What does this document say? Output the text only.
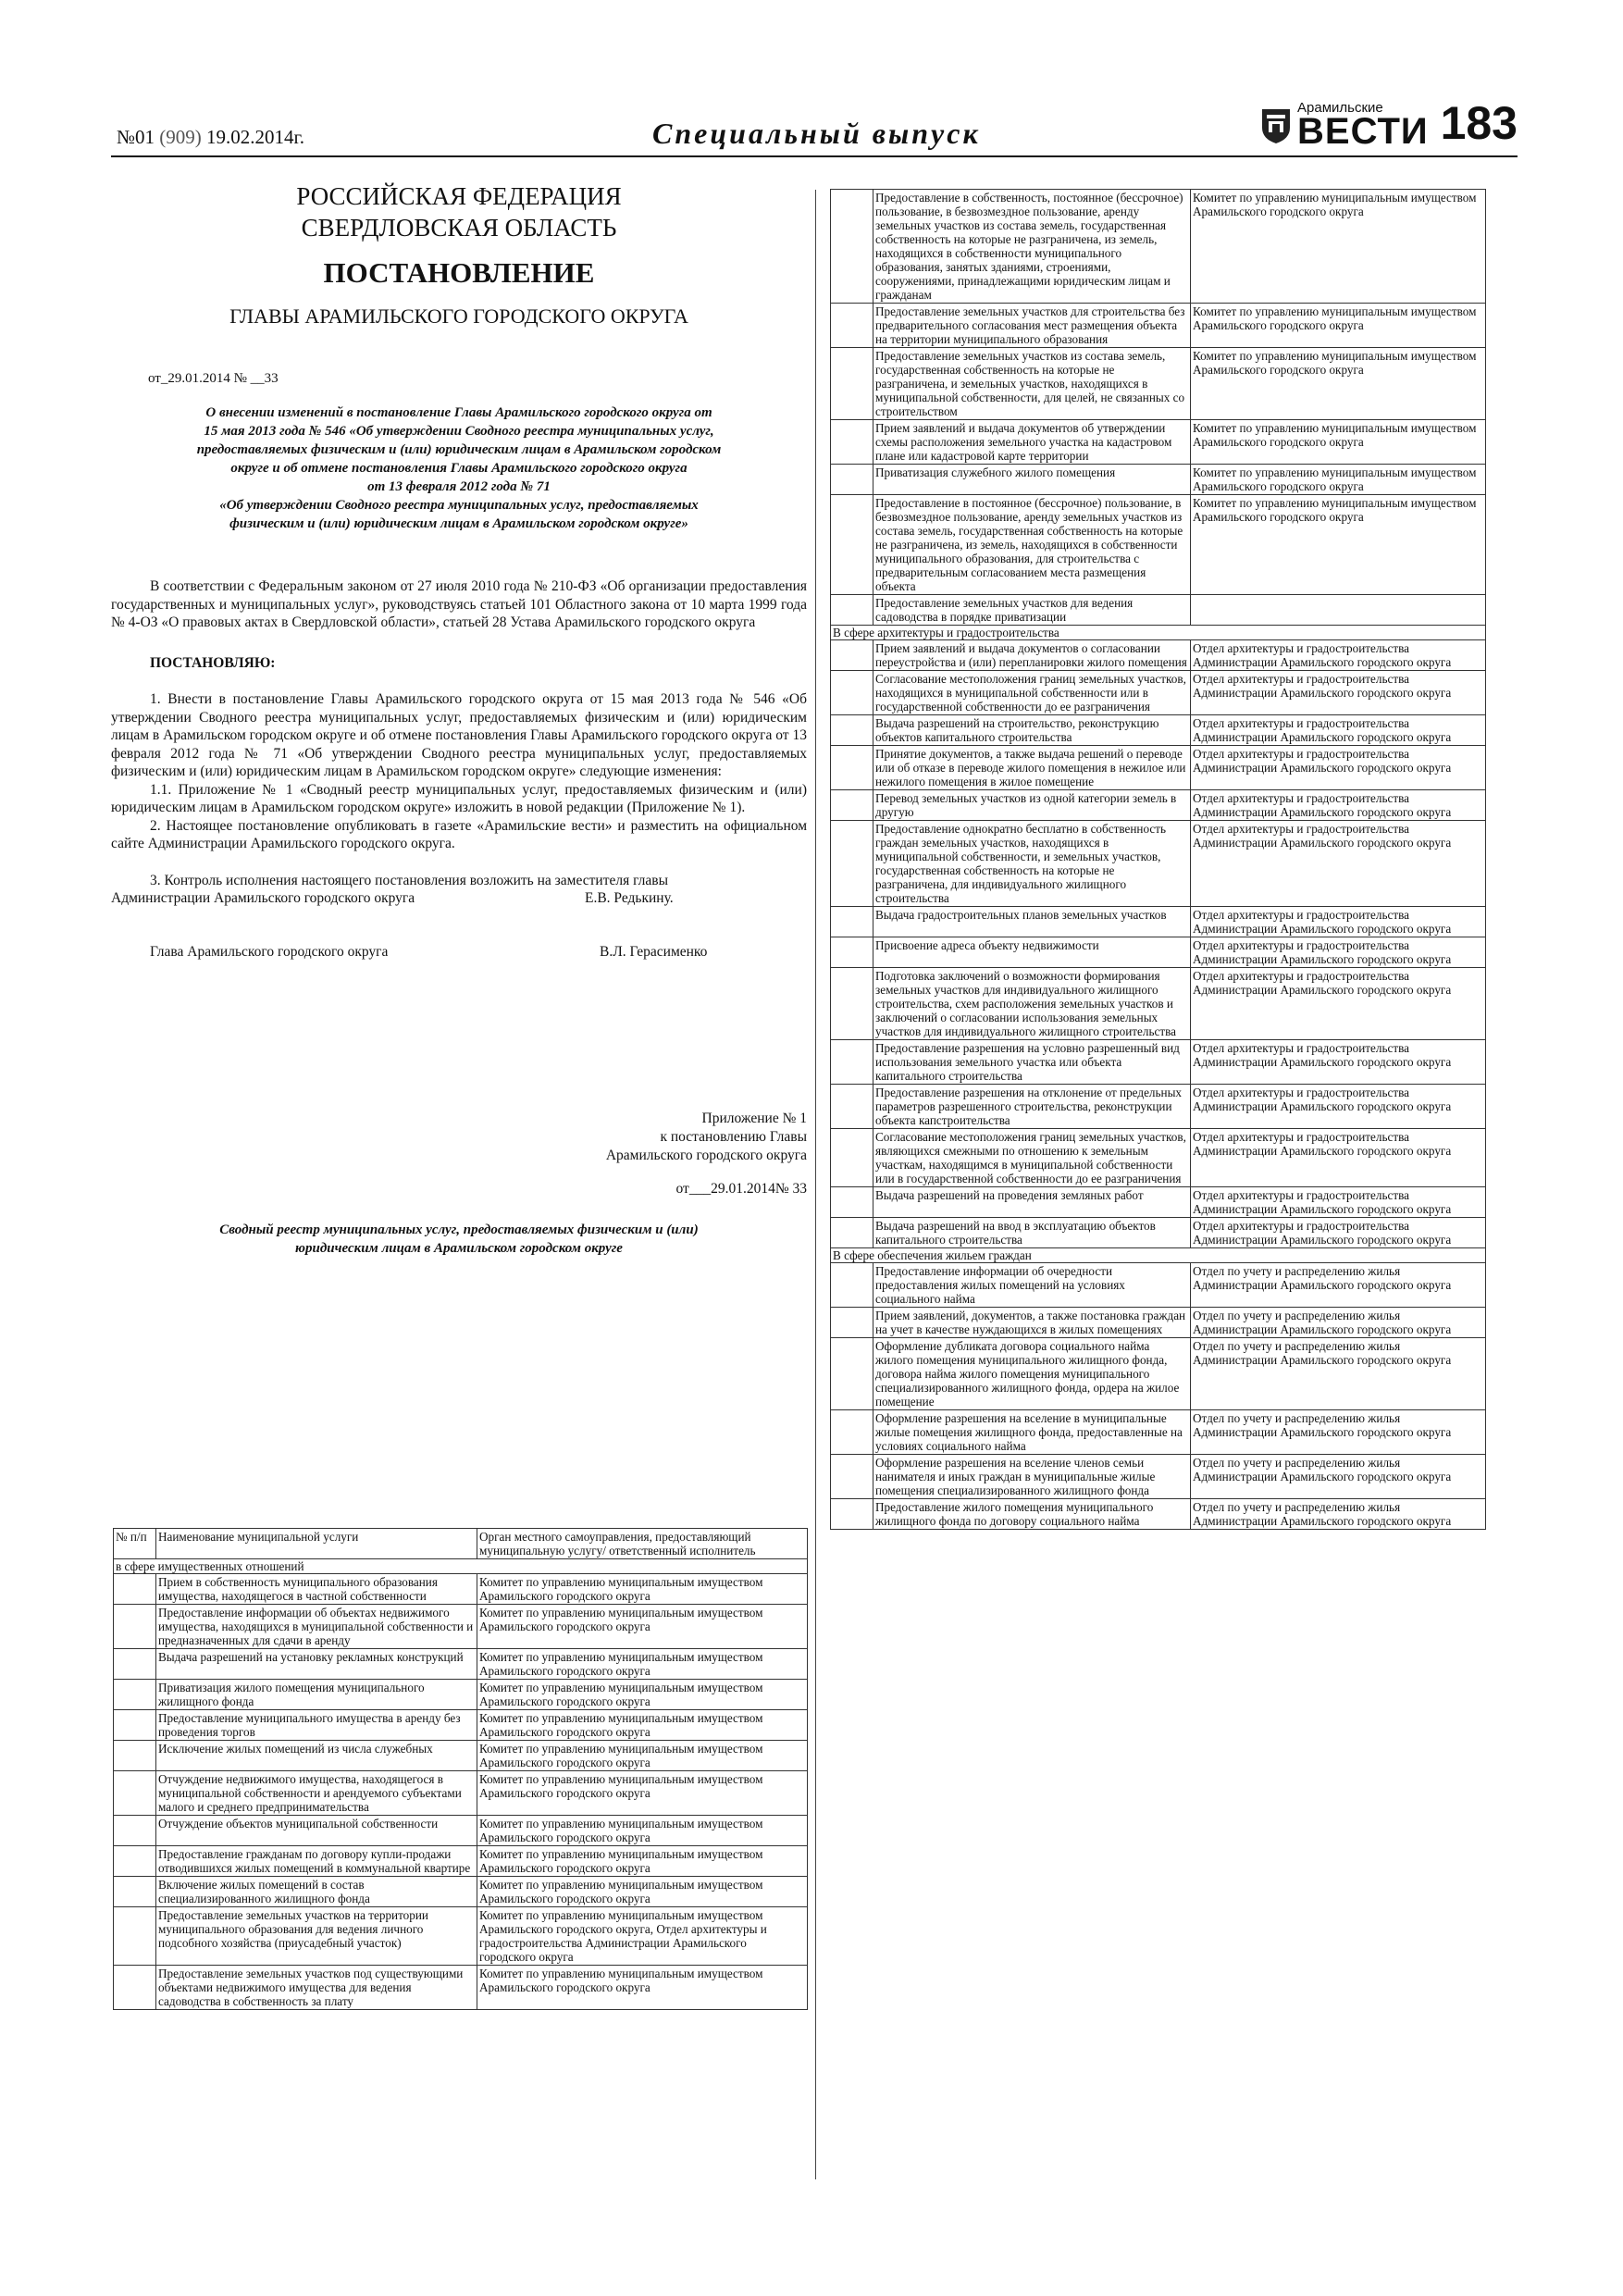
№01 (909) 19.02.2014г.	Специальный выпуск
Арамильские
ВЕСТИ 183
РОССИЙСКАЯ ФЕДЕРАЦИЯ
СВЕРДЛОВСКАЯ ОБЛАСТЬ
ПОСТАНОВЛЕНИЕ
ГЛАВЫ АРАМИЛЬСКОГО ГОРОДСКОГО ОКРУГА
от_29.01.2014 № __33
О внесении изменений в постановление Главы Арамильского городского округа от
15 мая 2013 года № 546 «Об утверждении Сводного реестра муниципальных услуг,
предоставляемых физическим и (или) юридическим лицам в Арамильском городском
округе и об отмене постановления Главы Арамильского городского округа
от 13 февраля 2012 года № 71
«Об утверждении Сводного реестра муниципальных услуг, предоставляемых
физическим и (или) юридическим лицам в Арамильском городском округе»
В соответствии с Федеральным законом от 27 июля 2010 года № 210-ФЗ «Об организации предоставления государственных и муниципальных услуг», руководствуясь статьей 101 Областного закона от 10 марта 1999 года № 4-ОЗ «О правовых актах в Свердловской области», статьей 28 Устава Арамильского городского округа
ПОСТАНОВЛЯЮ:
1. Внести в постановление Главы Арамильского городского округа от 15 мая 2013 года № 546 «Об утверждении Сводного реестра муниципальных услуг, предоставляемых физическим и (или) юридическим лицам в Арамильском городском округе и об отмене постановления Главы Арамильского городского округа от 13 февраля 2012 года № 71 «Об утверждении Сводного реестра муниципальных услуг, предоставляемых физическим и (или) юридическим лицам в Арамильском городском округе» следующие изменения:
1.1. Приложение № 1 «Сводный реестр муниципальных услуг, предоставляемых физическим и (или) юридическим лицам в Арамильском городском округе» изложить в новой редакции (Приложение № 1).
2. Настоящее постановление опубликовать в газете «Арамильские вести» и разместить на официальном сайте Администрации Арамильского городского округа.
3. Контроль исполнения настоящего постановления возложить на заместителя главы
Администрации Арамильского городского округа	Е.В. Редькину.
Глава Арамильского городского округа	В.Л. Герасименко
Приложение № 1
к постановлению Главы
Арамильского городского округа
от___29.01.2014№ 33
Сводный реестр муниципальных услуг, предоставляемых физическим и (или)
юридическим лицам в Арамильском городском округе
№ п/п	Наименование муниципальной услуги	Орган местного самоуправления, предоставляющий муниципальную услугу/ ответственный исполнитель
в сфере имущественных отношений		
	Прием в собственность муниципального образования имущества, находящегося в частной собственности	Комитет по управлению муниципальным имуществом Арамильского городского округа
	Предоставление информации об объектах недвижимого имущества, находящихся в муниципальной собственности и предназначенных для сдачи в аренду	Комитет по управлению муниципальным имуществом Арамильского городского округа
	Выдача разрешений на установку рекламных конструкций	Комитет по управлению муниципальным имуществом Арамильского городского округа
	Приватизация жилого помещения муниципального жилищного фонда	Комитет по управлению муниципальным имуществом Арамильского городского округа
	Предоставление муниципального имущества в аренду без проведения торгов	Комитет по управлению муниципальным имуществом Арамильского городского округа
	Исключение жилых помещений из числа служебных	Комитет по управлению муниципальным имуществом Арамильского городского округа
	Отчуждение недвижимого имущества, находящегося в муниципальной собственности и арендуемого субъектами малого и среднего предпринимательства	Комитет по управлению муниципальным имуществом Арамильского городского округа
	Отчуждение объектов муниципальной собственности	Комитет по управлению муниципальным имуществом Арамильского городского округа
	Предоставление гражданам по договору купли-продажи отводившихся жилых помещений в коммунальной квартире	Комитет по управлению муниципальным имуществом Арамильского городского округа
	Включение жилых помещений в состав специализированного жилищного фонда	Комитет по управлению муниципальным имуществом Арамильского городского округа
	Предоставление земельных участков на территории муниципального образования для ведения личного подсобного хозяйства (приусадебный участок)	Комитет по управлению муниципальным имуществом Арамильского городского округа, Отдел архитектуры и градостроительства Администрации Арамильского городского округа
	Предоставление земельных участков под существующими объектами недвижимого имущества для ведения садоводства в собственность за плату	Комитет по управлению муниципальным имуществом Арамильского городского округа
	Предоставление в собственность, постоянное (бессрочное) пользование, в безвозмездное пользование, аренду земельных участков из состава земель, государственная собственность на которые не разграничена, из земель, находящихся в собственности муниципального образования, занятых зданиями, строениями, сооружениями, принадлежащими юридическим лицам и гражданам	Комитет по управлению муниципальным имуществом Арамильского городского округа
	Предоставление земельных участков для строительства без предварительного согласования мест размещения объекта на территории муниципального образования	Комитет по управлению муниципальным имуществом Арамильского городского округа
	Предоставление земельных участков из состава земель, государственная собственность на которые не разграничена, и земельных участков, находящихся в муниципальной собственности, для целей, не связанных со строительством	Комитет по управлению муниципальным имуществом Арамильского городского округа
	Прием заявлений и выдача документов об утверждении схемы расположения земельного участка на кадастровом плане или кадастровой карте территории	Комитет по управлению муниципальным имуществом Арамильского городского округа
	Приватизация служебного жилого помещения	Комитет по управлению муниципальным имуществом Арамильского городского округа
	Предоставление в постоянное (бессрочное) пользование, в безвозмездное пользование, аренду земельных участков из состава земель, государственная собственность на которые не разграничена, из земель, находящихся в собственности муниципального образования, для строительства с предварительным согласованием места размещения объекта	Комитет по управлению муниципальным имуществом Арамильского городского округа
	Предоставление земельных участков для ведения садоводства в порядке приватизации	
В сфере архитектуры и градостроительства		
	Прием заявлений и выдача документов о согласовании переустройства и (или) перепланировки жилого помещения	Отдел архитектуры и градостроительства Администрации Арамильского городского округа
	Согласование местоположения границ земельных участков, находящихся в муниципальной собственности или в государственной собственности до ее разграничения	Отдел архитектуры и градостроительства Администрации Арамильского городского округа
	Выдача разрешений на строительство, реконструкцию объектов капитального строительства	Отдел архитектуры и градостроительства Администрации Арамильского городского округа
	Принятие документов, а также выдача решений о переводе или об отказе в переводе жилого помещения в нежилое или нежилого помещения в жилое помещение	Отдел архитектуры и градостроительства Администрации Арамильского городского округа
	Перевод земельных участков из одной категории земель в другую	Отдел архитектуры и градостроительства Администрации Арамильского городского округа
	Предоставление однократно бесплатно в собственность граждан земельных участков, находящихся в муниципальной собственности, и земельных участков, государственная собственность на которые не разграничена, для индивидуального жилищного строительства	Отдел архитектуры и градостроительства Администрации Арамильского городского округа
	Выдача градостроительных планов земельных участков	Отдел архитектуры и градостроительства Администрации Арамильского городского округа
	Присвоение адреса объекту недвижимости	Отдел архитектуры и градостроительства Администрации Арамильского городского округа
	Подготовка заключений о возможности формирования земельных участков для индивидуального жилищного строительства, схем расположения земельных участков и заключений о согласовании использования земельных участков для индивидуального жилищного строительства	Отдел архитектуры и градостроительства Администрации Арамильского городского округа
	Предоставление разрешения на условно разрешенный вид использования земельного участка или объекта капитального строительства	Отдел архитектуры и градостроительства Администрации Арамильского городского округа
	Предоставление разрешения на отклонение от предельных параметров разрешенного строительства, реконструкции объекта капстроительства	Отдел архитектуры и градостроительства Администрации Арамильского городского округа
	Согласование местоположения границ земельных участков, являющихся смежными по отношению к земельным участкам, находящимся в муниципальной собственности или в государственной собственности до ее разграничения	Отдел архитектуры и градостроительства Администрации Арамильского городского округа
	Выдача разрешений на проведения земляных работ	Отдел архитектуры и градостроительства Администрации Арамильского городского округа
	Выдача разрешений на ввод в эксплуатацию объектов капитального строительства	Отдел архитектуры и градостроительства Администрации Арамильского городского округа
В сфере обеспечения жильем граждан		
	Предоставление информации об очередности предоставления жилых помещений на условиях социального найма	Отдел по учету и распределению жилья Администрации Арамильского городского округа
	Прием заявлений, документов, а также постановка граждан на учет в качестве нуждающихся в жилых помещениях	Отдел по учету и распределению жилья Администрации Арамильского городского округа
	Оформление дубликата договора социального найма жилого помещения муниципального жилищного фонда, договора найма жилого помещения муниципального специализированного жилищного фонда, ордера на жилое помещение	Отдел по учету и распределению жилья Администрации Арамильского городского округа
	Оформление разрешения на вселение в муниципальные жилые помещения жилищного фонда, предоставленные на условиях социального найма	Отдел по учету и распределению жилья Администрации Арамильского городского округа
	Оформление разрешения на вселение членов семьи нанимателя и иных граждан в муниципальные жилые помещения специализированного жилищного фонда	Отдел по учету и распределению жилья Администрации Арамильского городского округа
	Предоставление жилого помещения муниципального жилищного фонда по договору социального найма	Отдел по учету и распределению жилья Администрации Арамильского городского округа
